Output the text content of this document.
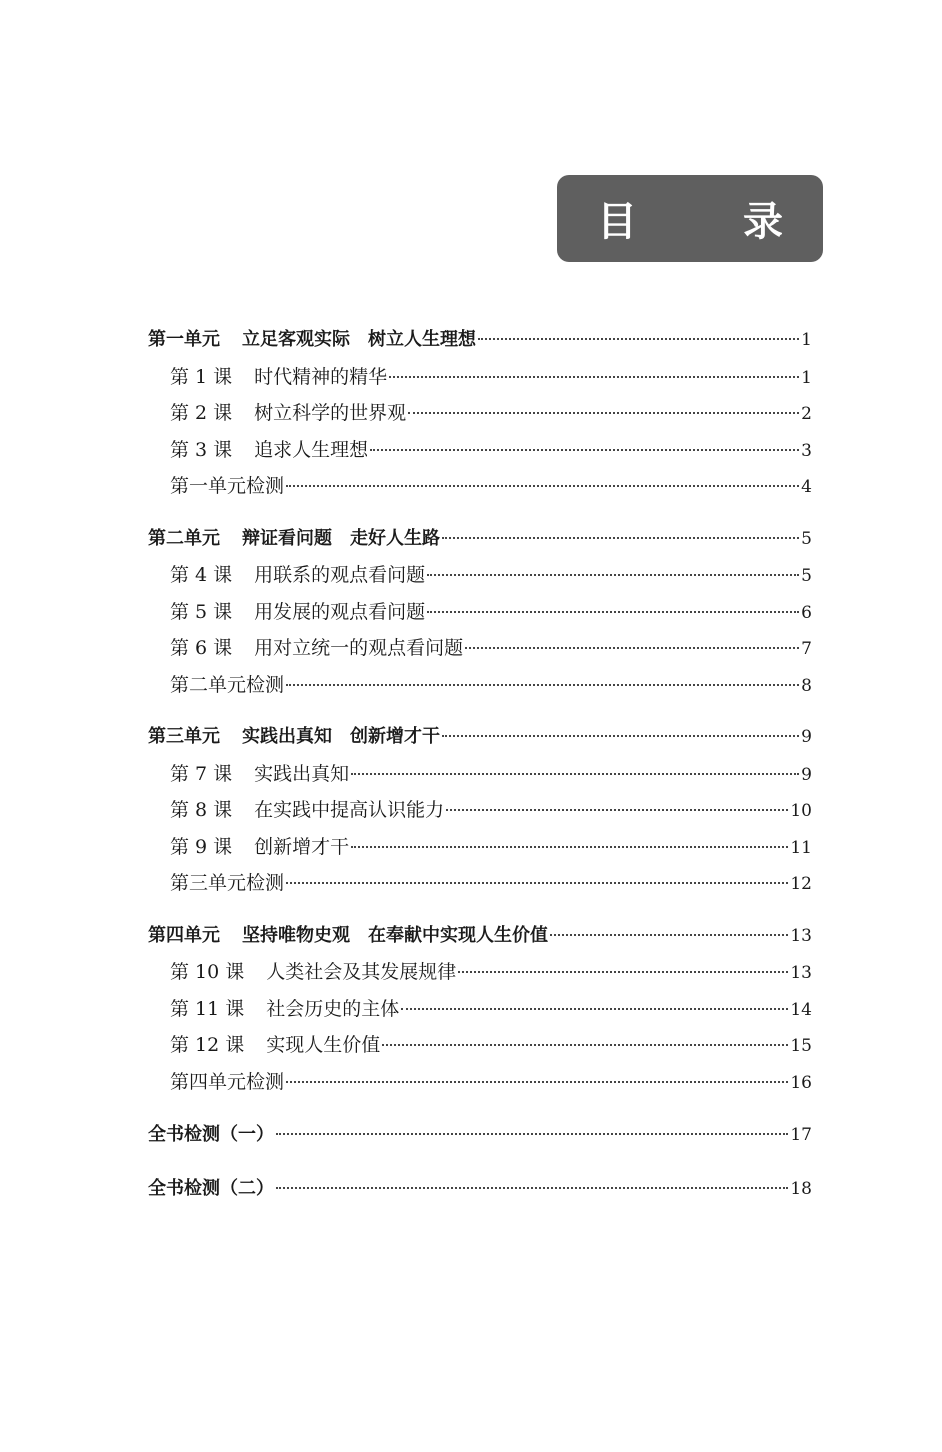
目 录
第一单元 立足客观实际　树立人生理想	1
第 1 课 时代精神的精华	1
第 2 课 树立科学的世界观	2
第 3 课 追求人生理想	3
第一单元检测	4
第二单元 辩证看问题　走好人生路	5
第 4 课 用联系的观点看问题	5
第 5 课 用发展的观点看问题	6
第 6 课 用对立统一的观点看问题	7
第二单元检测	8
第三单元 实践出真知　创新增才干	9
第 7 课 实践出真知	9
第 8 课 在实践中提高认识能力	10
第 9 课 创新增才干	11
第三单元检测	12
第四单元 坚持唯物史观　在奉献中实现人生价值	13
第 10 课 人类社会及其发展规律	13
第 11 课 社会历史的主体	14
第 12 课 实现人生价值	15
第四单元检测	16
全书检测（一）	17
全书检测（二）	18
